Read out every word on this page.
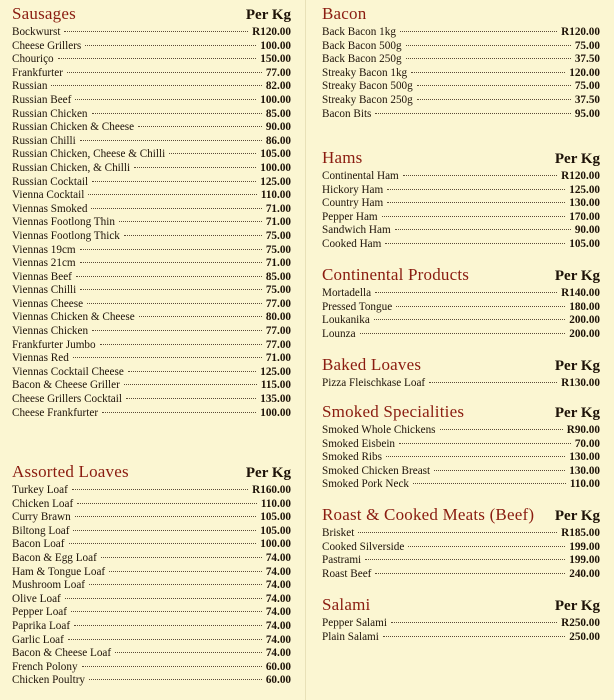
Sausages	Per Kg
Bockwurst	R120.00
Cheese Grillers	100.00
Chouriço	150.00
Frankfurter	77.00
Russian	82.00
Russian Beef	100.00
Russian Chicken	85.00
Russian Chicken & Cheese	90.00
Russian Chilli	86.00
Russian Chicken, Cheese & Chilli	105.00
Russian Chicken, & Chilli	100.00
Russian Cocktail	125.00
Vienna Cocktail	110.00
Viennas Smoked	71.00
Viennas Footlong Thin	71.00
Viennas Footlong Thick	75.00
Viennas 19cm	75.00
Viennas 21cm	71.00
Viennas Beef	85.00
Viennas Chilli	75.00
Viennas Cheese	77.00
Viennas Chicken & Cheese	80.00
Viennas Chicken	77.00
Frankfurter Jumbo	77.00
Viennas Red	71.00
Viennas Cocktail Cheese	125.00
Bacon & Cheese Griller	115.00
Cheese Grillers Cocktail	135.00
Cheese Frankfurter	100.00
Assorted Loaves	Per Kg
Turkey Loaf	R160.00
Chicken Loaf	110.00
Curry Brawn	105.00
Biltong Loaf	105.00
Bacon Loaf	100.00
Bacon & Egg Loaf	74.00
Ham & Tongue Loaf	74.00
Mushroom Loaf	74.00
Olive Loaf	74.00
Pepper Loaf	74.00
Paprika Loaf	74.00
Garlic Loaf	74.00
Bacon & Cheese Loaf	74.00
French Polony	60.00
Chicken Poultry	60.00
Bacon
Back Bacon 1kg	R120.00
Back Bacon 500g	75.00
Back Bacon 250g	37.50
Streaky Bacon 1kg	120.00
Streaky Bacon 500g	75.00
Streaky Bacon 250g	37.50
Bacon Bits	95.00
Hams	Per Kg
Continental Ham	R120.00
Hickory Ham	125.00
Country Ham	130.00
Pepper Ham	170.00
Sandwich Ham	90.00
Cooked Ham	105.00
Continental Products	Per Kg
Mortadella	R140.00
Pressed Tongue	180.00
Loukanika	200.00
Lounza	200.00
Baked Loaves	Per Kg
Pizza Fleischkase Loaf	R130.00
Smoked Specialities	Per Kg
Smoked Whole Chickens	R90.00
Smoked Eisbein	70.00
Smoked Ribs	130.00
Smoked Chicken Breast	130.00
Smoked Pork Neck	110.00
Roast & Cooked Meats (Beef) Per Kg
Brisket	R185.00
Cooked Silverside	199.00
Pastrami	199.00
Roast Beef	240.00
Salami	Per Kg
Pepper Salami	R250.00
Plain Salami	250.00
